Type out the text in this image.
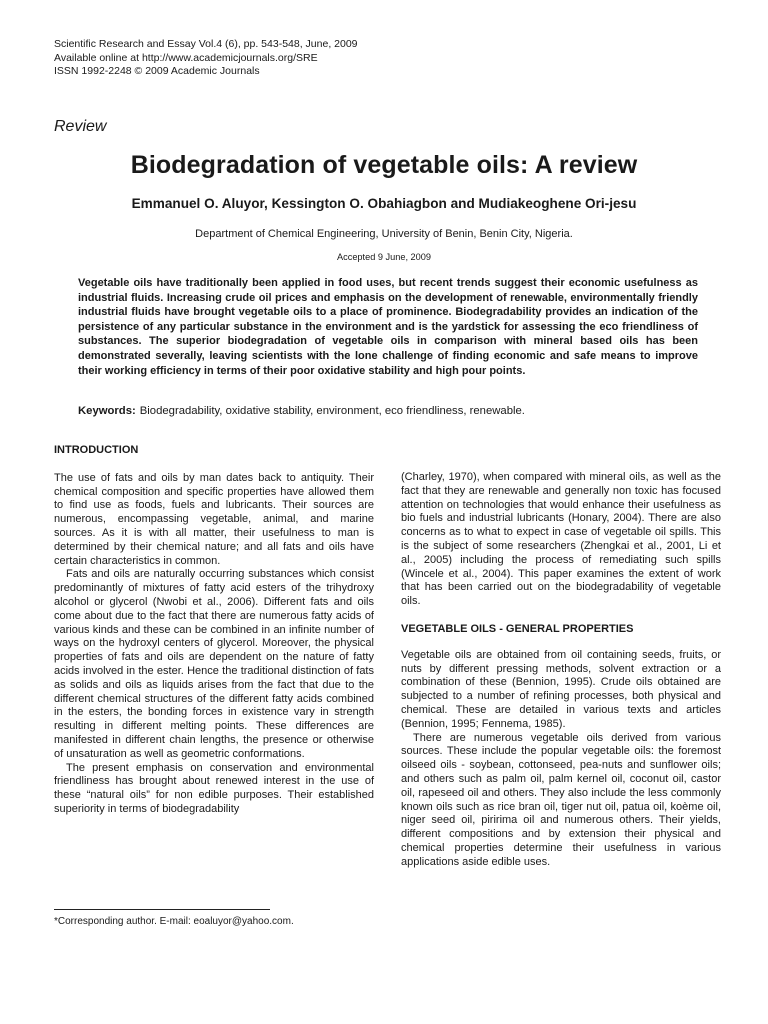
Scientific Research and Essay Vol.4 (6), pp. 543-548, June, 2009
Available online at http://www.academicjournals.org/SRE
ISSN 1992-2248 © 2009 Academic Journals
Review
Biodegradation of vegetable oils: A review
Emmanuel O. Aluyor, Kessington O. Obahiagbon and Mudiakeoghene Ori-jesu
Department of Chemical Engineering, University of Benin, Benin City, Nigeria.
Accepted 9 June, 2009
Vegetable oils have traditionally been applied in food uses, but recent trends suggest their economic usefulness as industrial fluids. Increasing crude oil prices and emphasis on the development of renewable, environmentally friendly industrial fluids have brought vegetable oils to a place of prominence. Biodegradability provides an indication of the persistence of any particular substance in the environment and is the yardstick for assessing the eco friendliness of substances. The superior biodegradation of vegetable oils in comparison with mineral based oils has been demonstrated severally, leaving scientists with the lone challenge of finding economic and safe means to improve their working efficiency in terms of their poor oxidative stability and high pour points.
Keywords: Biodegradability, oxidative stability, environment, eco friendliness, renewable.
INTRODUCTION

The use of fats and oils by man dates back to antiquity. Their chemical composition and specific properties have allowed them to find use as foods, fuels and lubricants. Their sources are numerous, encompassing vegetable, animal, and marine sources. As it is with all matter, their usefulness to man is determined by their chemical nature; and all fats and oils have certain characteristics in common.

Fats and oils are naturally occurring substances which consist predominantly of mixtures of fatty acid esters of the trihydroxy alcohol or glycerol (Nwobi et al., 2006). Different fats and oils come about due to the fact that there are numerous fatty acids of various kinds and these can be combined in an infinite number of ways on the hydroxyl centers of glycerol. Moreover, the physical properties of fats and oils are dependent on the nature of fatty acids involved in the ester. Hence the traditional distinction of fats as solids and oils as liquids arises from the fact that due to the different chemical structures of the different fatty acids combined in the esters, the bonding forces in existence vary in strength resulting in different melting points. These differences are manifested in different chain lengths, the presence or otherwise of unsaturation as well as geometric conformations.

The present emphasis on conservation and environmental friendliness has brought about renewed interest in the use of these “natural oils” for non edible purposes. Their established superiority in terms of biodegradability

(Charley, 1970), when compared with mineral oils, as well as the fact that they are renewable and generally non toxic has focused attention on technologies that would enhance their usefulness as bio fuels and industrial lubricants (Honary, 2004). There are also concerns as to what to expect in case of vegetable oil spills. This is the subject of some researchers (Zhengkai et al., 2001, Li et al., 2005) including the process of remediating such spills (Wincele et al., 2004). This paper examines the extent of work that has been carried out on the biodegradability of vegetable oils.

VEGETABLE OILS - GENERAL PROPERTIES

Vegetable oils are obtained from oil containing seeds, fruits, or nuts by different pressing methods, solvent extraction or a combination of these (Bennion, 1995). Crude oils obtained are subjected to a number of refining processes, both physical and chemical. These are detailed in various texts and articles (Bennion, 1995; Fennema, 1985).

There are numerous vegetable oils derived from various sources. These include the popular vegetable oils: the foremost oilseed oils - soybean, cottonseed, pea-nuts and sunflower oils; and others such as palm oil, palm kernel oil, coconut oil, castor oil, rapeseed oil and others. They also include the less commonly known oils such as rice bran oil, tiger nut oil, patua oil, koème oil, niger seed oil, piririma oil and numerous others. Their yields, different compositions and by extension their physical and chemical properties determine their usefulness in various applications aside edible uses.

*Corresponding author. E-mail: eoaluyor@yahoo.com.
